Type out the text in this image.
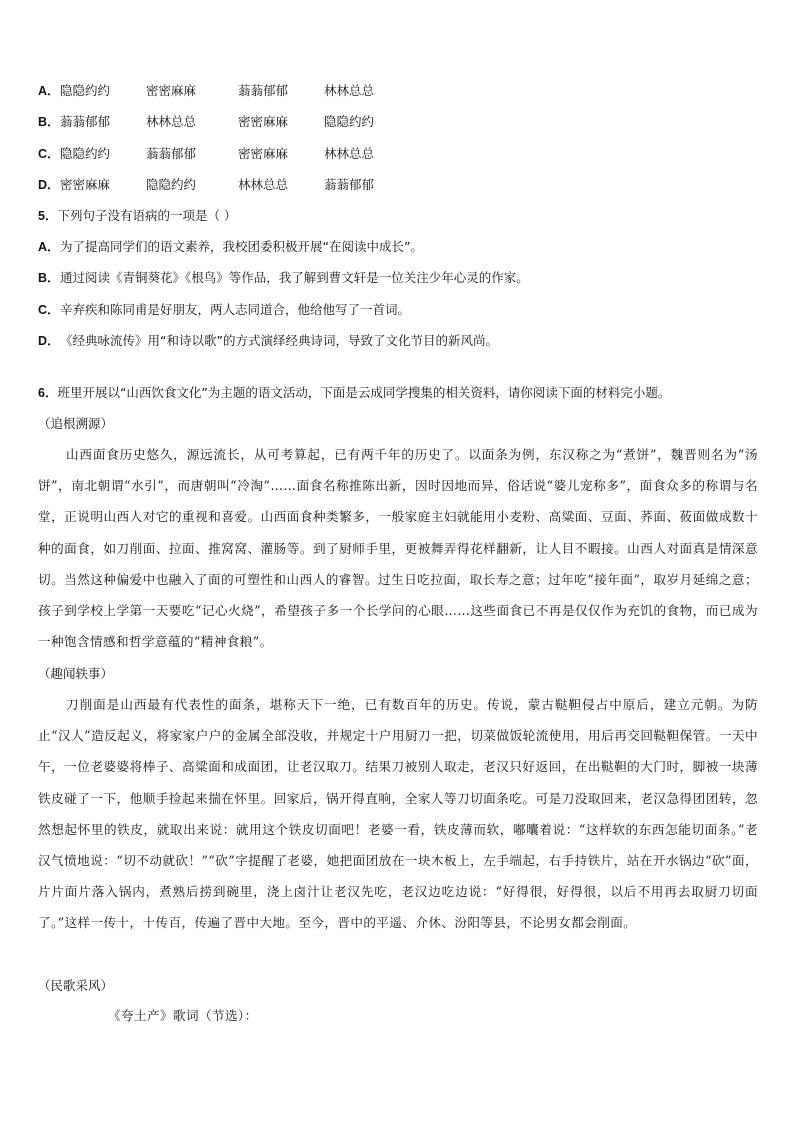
A． 隐隐约约	密密麻麻	蓊蓊郁郁	林林总总
B． 蓊蓊郁郁	林林总总	密密麻麻	隐隐约约
C． 隐隐约约	蓊蓊郁郁	密密麻麻	林林总总
D． 密密麻麻	隐隐约约	林林总总	蓊蓊郁郁
5．下列句子没有语病的一项是（ ）
A． 为了提高同学们的语文素养，我校团委积极开展“在阅读中成长”。
B． 通过阅读《青铜葵花》《根鸟》等作品，我了解到曹文轩是一位关注少年心灵的作家。
C． 辛弃疾和陈同甫是好朋友，两人志同道合，他给他写了一首词。
D． 《经典咏流传》用“和诗以歌”的方式演绎经典诗词，导致了文化节目的新风尚。
6．班里开展以“山西饮食文化”为主题的语文活动，下面是云成同学搜集的相关资料，请你阅读下面的材料完小题。
（追根溯源）
山西面食历史悠久，源远流长，从可考算起，已有两千年的历史了。以面条为例，东汉称之为“煮饼”，魏晋则名为“汤饼”，南北朝谓“水引”，而唐朝叫“冷淘”……面食名称推陈出新，因时因地而异，俗话说“婆儿宠称多”，面食众多的称谓与名堂，正说明山西人对它的重视和喜爱。山西面食种类繁多，一般家庭主妇就能用小麦粉、高粱面、豆面、荞面、莜面做成数十种的面食，如刀削面、拉面、推窝窝、灌肠等。到了厨师手里，更被舞弄得花样翻新，让人目不暇接。山西人对面真是情深意切。当然这种偏爱中也融入了面的可塑性和山西人的睿智。过生日吃拉面，取长寿之意；过年吃“接年面”，取岁月延绵之意；孩子到学校上学第一天要吃“记心火烧”，希望孩子多一个长学问的心眼……这些面食已不再是仅仅作为充饥的食物，而已成为一种饱含情感和哲学意蕴的“精神食粮”。
（趣闻轶事）
刀削面是山西最有代表性的面条，堪称天下一绝，已有数百年的历史。传说，蒙古鞑靼侵占中原后，建立元朝。为防止“汉人”造反起义，将家家户户的金属全部没收，并规定十户用厨刀一把，切菜做饭轮流使用，用后再交回鞑靼保管。一天中午，一位老婆婆将棒子、高粱面和成面团，让老汉取刀。结果刀被别人取走，老汉只好返回，在出鞑靼的大门时，脚被一块薄铁皮碰了一下，他顺手捡起来揣在怀里。回家后，锅开得直响，全家人等刀切面条吃。可是刀没取回来，老汉急得团团转，忽然想起怀里的铁皮，就取出来说：就用这个铁皮切面吧！老婆一看，铁皮薄而软，嘟囔着说：“这样软的东西怎能切面条。”老汉气愤地说：“切不动就砍！”“砍”字提醒了老婆，她把面团放在一块木板上，左手端起，右手持铁片，站在开水锅边“砍”面，片片面片落入锅内，煮熟后捞到碗里，浇上卤汁让老汉先吃，老汉边吃边说：“好得很，好得很，以后不用再去取厨刀切面了。”这样一传十，十传百，传遍了晋中大地。至今，晋中的平遥、介休、汾阳等县，不论男女都会削面。
（民歌采风）
《夸土产》歌词（节选）：
